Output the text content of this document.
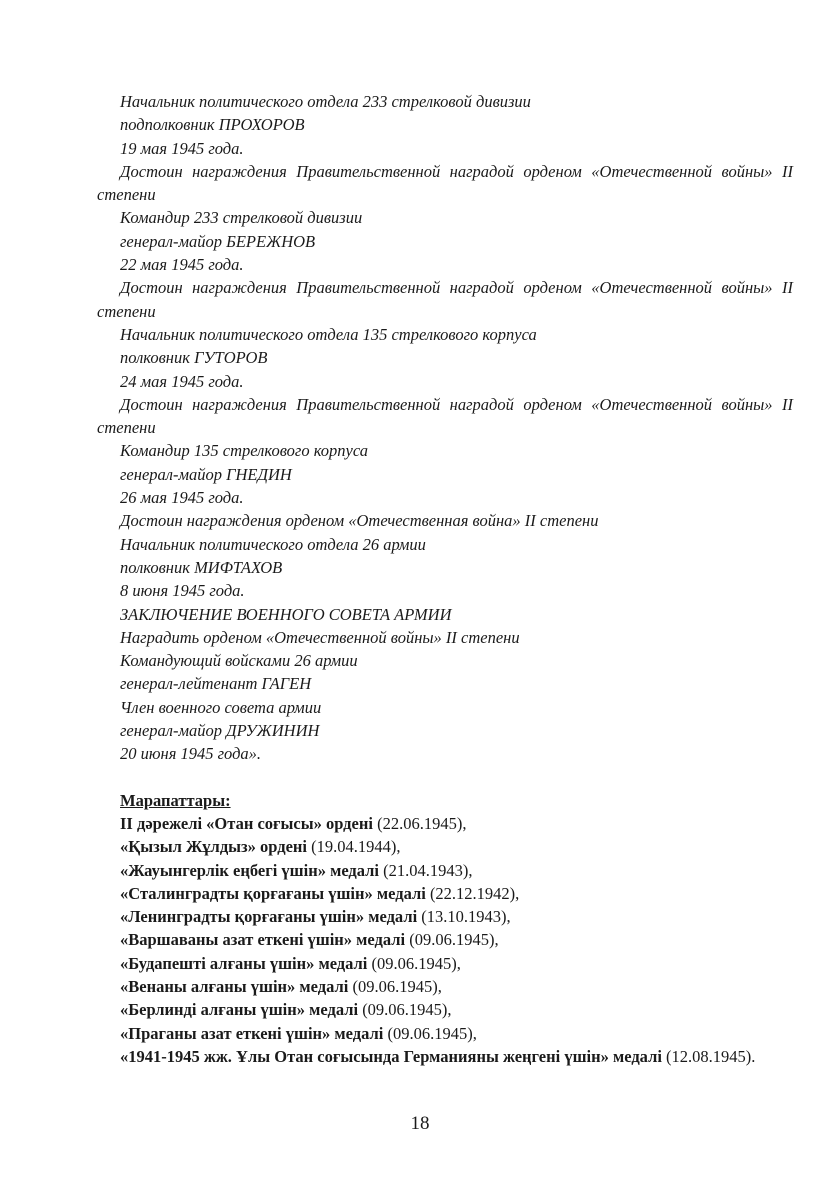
Начальник политического отдела 233 стрелковой дивизии
подполковник ПРОХОРОВ
19 мая 1945 года.
Достоин награждения Правительственной наградой орденом «Отечественной войны» II степени
Командир 233 стрелковой дивизии
генерал-майор БЕРЕЖНОВ
22 мая 1945 года.
Достоин награждения Правительственной наградой орденом «Отечественной войны» II степени
Начальник политического отдела 135 стрелкового корпуса
полковник ГУТОРОВ
24 мая 1945 года.
Достоин награждения Правительственной наградой орденом «Отечественной войны» II степени
Командир 135 стрелкового корпуса
генерал-майор ГНЕДИН
26 мая 1945 года.
Достоин награждения орденом «Отечественная война» II степени
Начальник политического отдела 26 армии
полковник МИФТАХОВ
8 июня 1945 года.
ЗАКЛЮЧЕНИЕ ВОЕННОГО СОВЕТА АРМИИ
Наградить орденом «Отечественной войны» II степени
Командующий войсками 26 армии
генерал-лейтенант ГАГЕН
Член военного совета армии
генерал-майор ДРУЖИНИН
20 июня 1945 года».
Марапаттары:
II дәрежелі «Отан соғысы» ордені (22.06.1945),
«Қызыл Жұлдыз» ордені (19.04.1944),
«Жауынгерлік еңбегі үшін» медалі (21.04.1943),
«Сталинградты қорғағаны үшін» медалі (22.12.1942),
«Ленинградты қорғағаны үшін» медалі (13.10.1943),
«Варшаваны азат еткені үшін» медалі (09.06.1945),
«Будапешті алғаны үшін» медалі (09.06.1945),
«Венаны алғаны үшін» медалі (09.06.1945),
«Берлинді алғаны үшін» медалі (09.06.1945),
«Праганы азат еткені үшін» медалі (09.06.1945),
«1941-1945 жж. Ұлы Отан соғысында Германияны жеңгені үшін» медалі (12.08.1945).
18
